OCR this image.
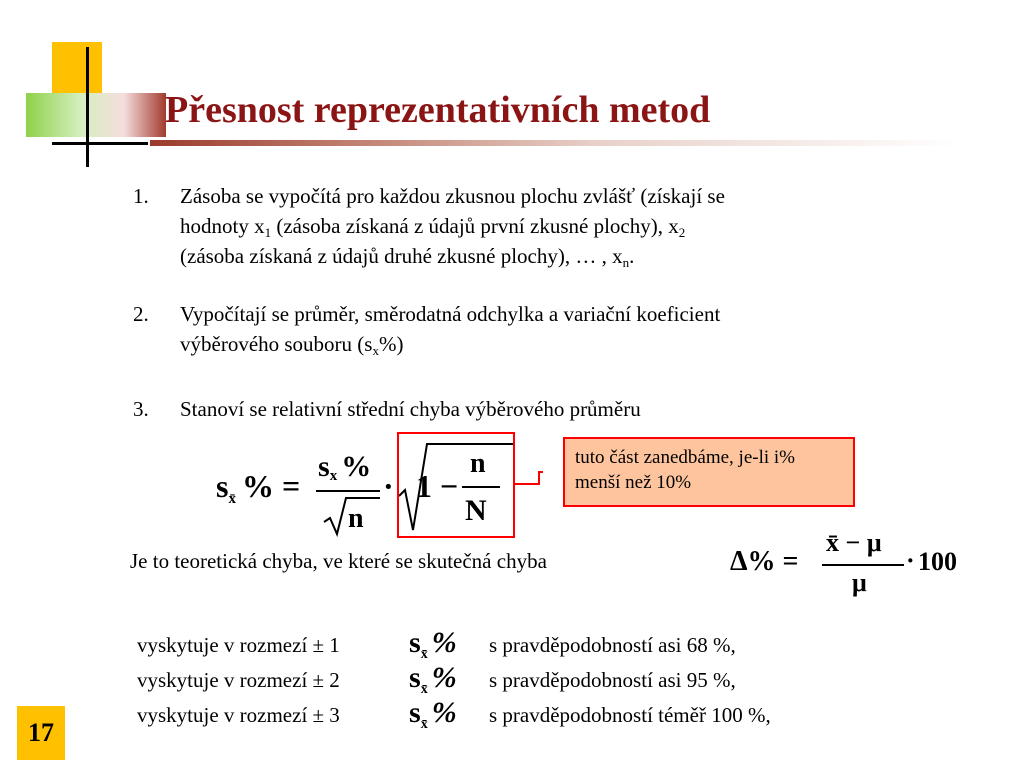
Přesnost reprezentativních metod
1. Zásoba se vypočítá pro každou zkusnou plochu zvlášť (získají se
hodnoty $x_1$ (zásoba získaná z údajů první zkusné plochy), $x_2$
(zásoba získaná z údajů druhé zkusné plochy), … , $x_n$.
2. Vypočítají se průměr, směrodatná odchylka a variační koeficient
výběrového souboru $(s_x\%)$
3. Stanoví se relativní střední chyba výběrového průměru
$s_{x̄}$ % =
$s_x$ %
n
· 1 −
n
N
tuto část zanedbáme, je-li i% menší než 10%
Je to teoretická chyba, ve které se skutečná chyba	Δ% =
x̄ − μ
μ
· 100
vyskytuje v rozmezí ± 1 $s_{x̄}$ % s pravděpodobností asi 68 %,
vyskytuje v rozmezí ± 2 $s_{x̄}$ % s pravděpodobností asi 95 %,
vyskytuje v rozmezí ± 3 $s_{x̄}$ % s pravděpodobností téměř 100 %,
17
